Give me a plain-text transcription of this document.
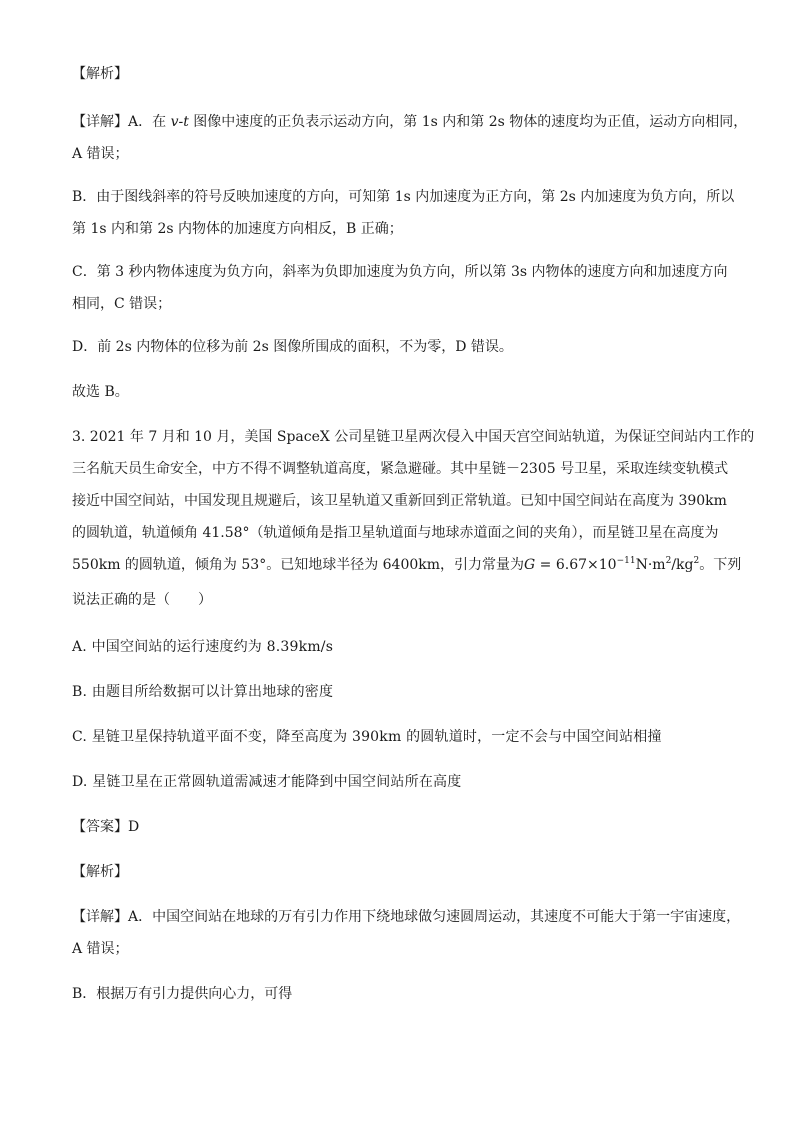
【解析】
【详解】A．在 v-t 图像中速度的正负表示运动方向，第 1s 内和第 2s 物体的速度均为正值，运动方向相同，
A 错误；
B．由于图线斜率的符号反映加速度的方向，可知第 1s 内加速度为正方向，第 2s 内加速度为负方向，所以
第 1s 内和第 2s 内物体的加速度方向相反，B 正确；
C．第 3 秒内物体速度为负方向，斜率为负即加速度为负方向，所以第 3s 内物体的速度方向和加速度方向
相同，C 错误；
D．前 2s 内物体的位移为前 2s 图像所围成的面积，不为零，D 错误。
故选 B。
3. 2021 年 7 月和 10 月，美国 SpaceX 公司星链卫星两次侵入中国天宫空间站轨道，为保证空间站内工作的
三名航天员生命安全，中方不得不调整轨道高度，紧急避碰。其中星链－2305 号卫星，采取连续变轨模式
接近中国空间站，中国发现且规避后，该卫星轨道又重新回到正常轨道。已知中国空间站在高度为 390km
的圆轨道，轨道倾角 41.58°（轨道倾角是指卫星轨道面与地球赤道面之间的夹角），而星链卫星在高度为
550km 的圆轨道，倾角为 53°。已知地球半径为 6400km，引力常量为$G = 6.67\times 10^{-11}N\cdot m^2/kg^2$。下列
说法正确的是（　　）
A. 中国空间站的运行速度约为 8.39km/s
B. 由题目所给数据可以计算出地球的密度
C. 星链卫星保持轨道平面不变，降至高度为 390km 的圆轨道时，一定不会与中国空间站相撞
D. 星链卫星在正常圆轨道需减速才能降到中国空间站所在高度
【答案】D
【解析】
【详解】A．中国空间站在地球的万有引力作用下绕地球做匀速圆周运动，其速度不可能大于第一宇宙速度，
A 错误；
B．根据万有引力提供向心力，可得
